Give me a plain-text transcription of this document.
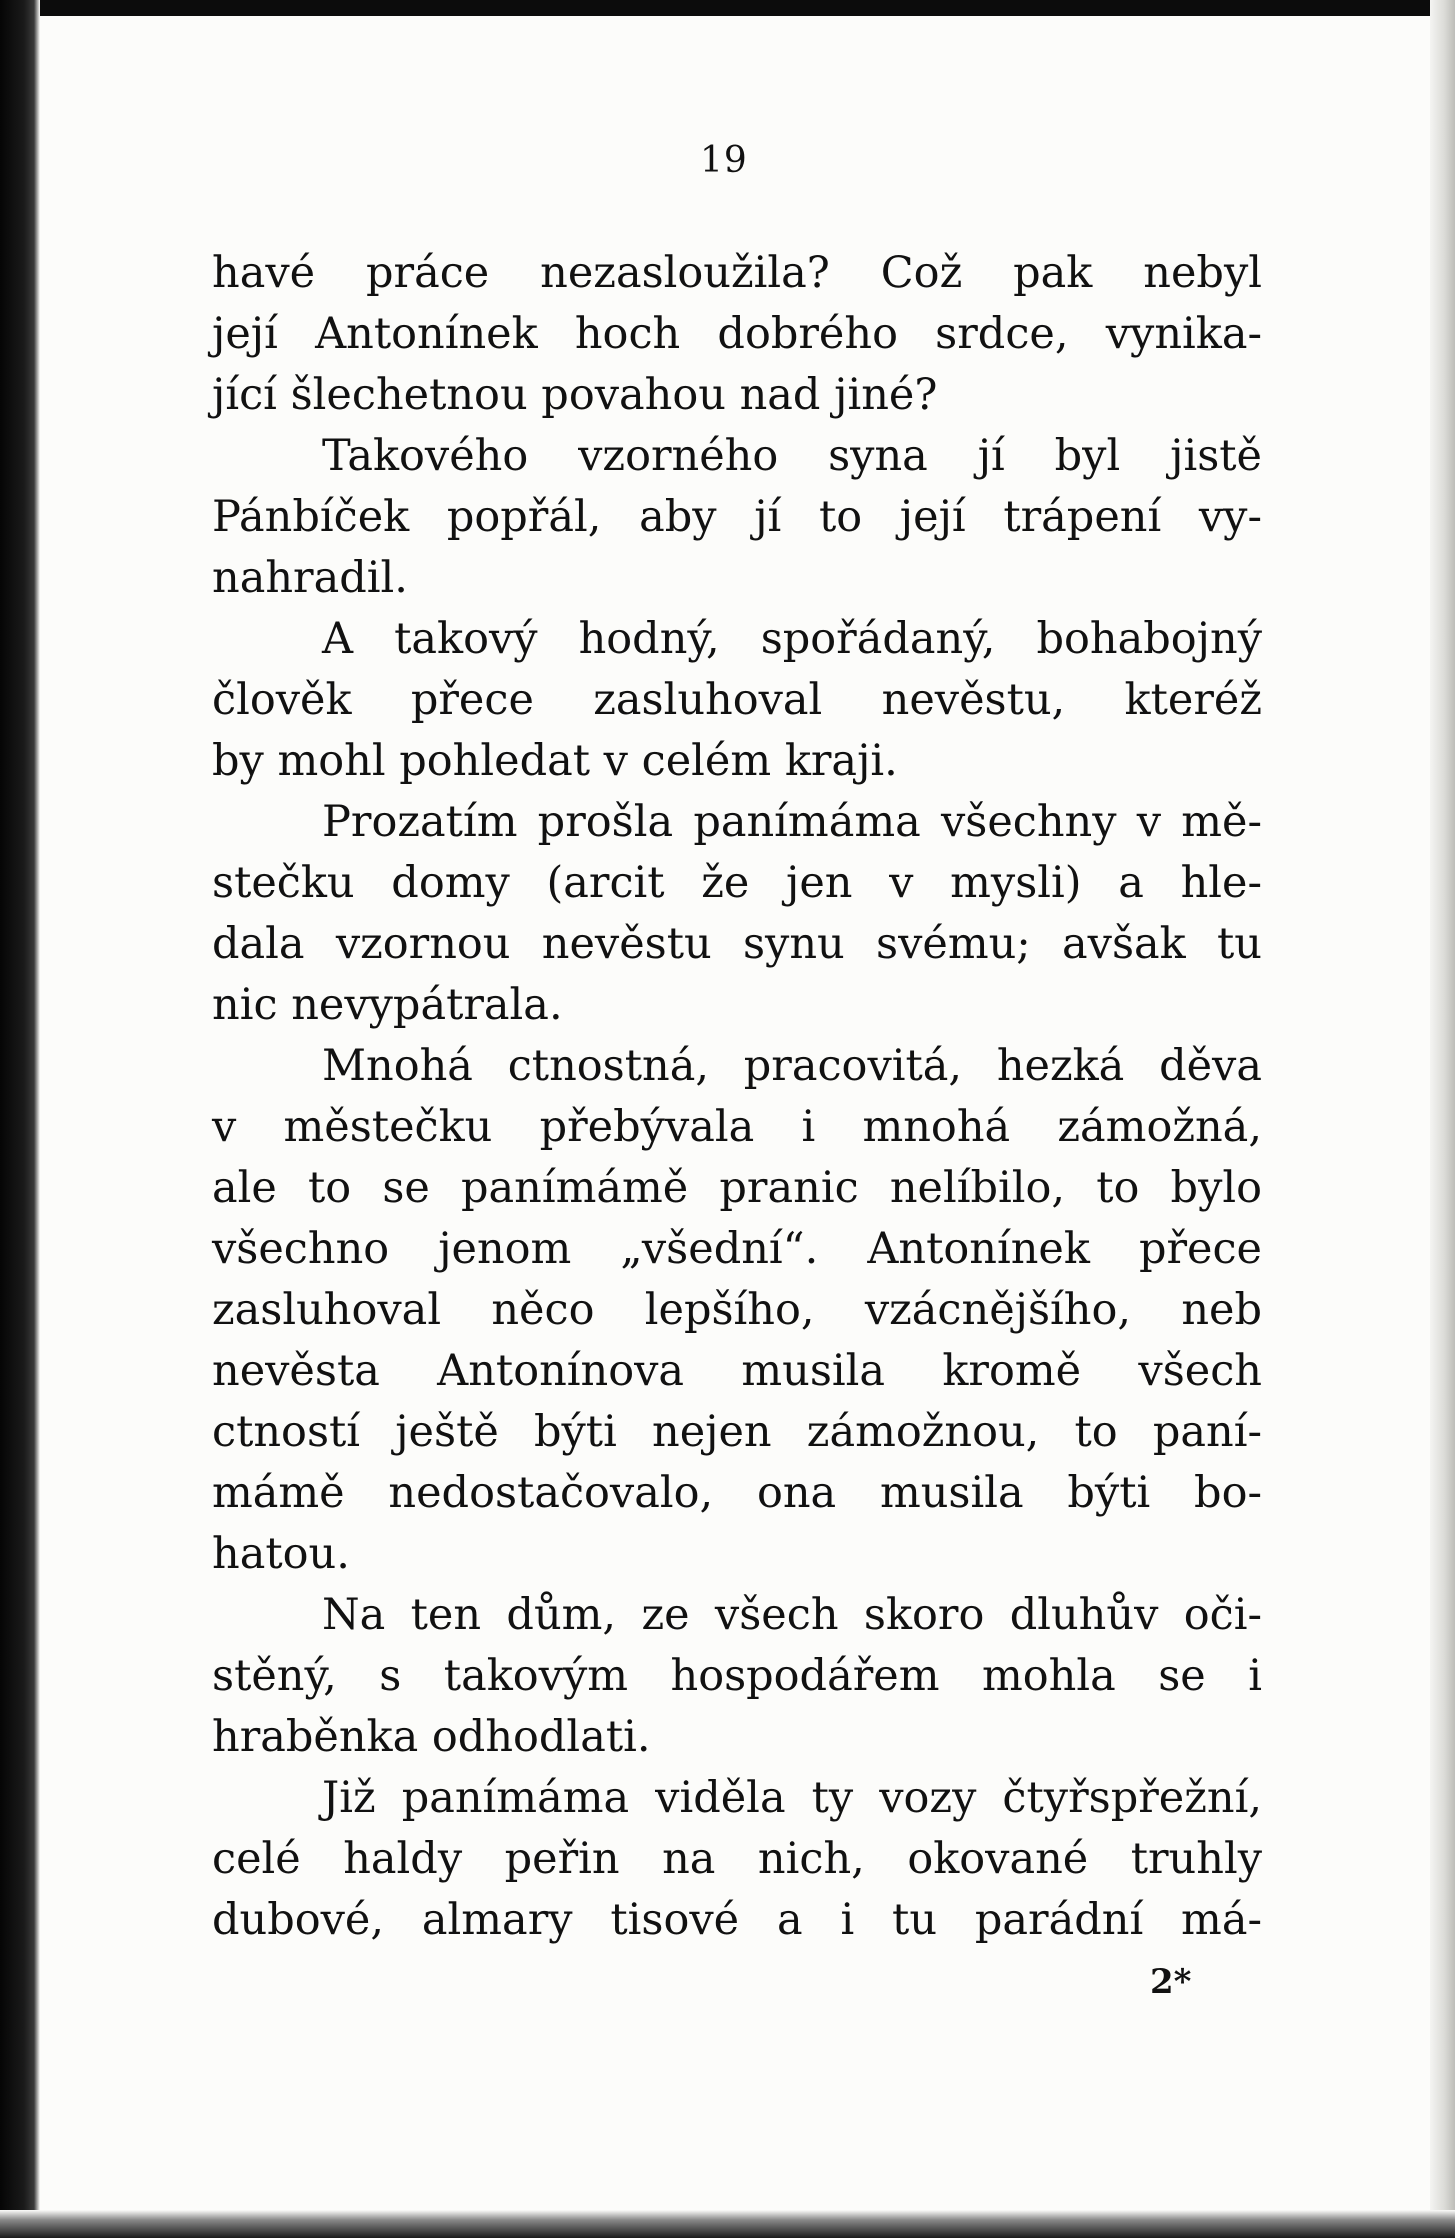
19
havé práce nezasloužila? Což pak nebyl
její Antonínek hoch dobrého srdce, vynika-
jící šlechetnou povahou nad jiné?
Takového vzorného syna jí byl jistě
Pánbíček popřál, aby jí to její trápení vy-
nahradil.
A takový hodný, spořádaný, bohabojný
člověk přece zasluhoval nevěstu, kteréž
by mohl pohledat v celém kraji.
Prozatím prošla panímáma všechny v mě-
stečku domy (arcit že jen v mysli) a hle-
dala vzornou nevěstu synu svému; avšak tu
nic nevypátrala.
Mnohá ctnostná, pracovitá, hezká děva
v městečku přebývala i mnohá zámožná,
ale to se panímámě pranic nelíbilo, to bylo
všechno jenom „všední“. Antonínek přece
zasluhoval něco lepšího, vzácnějšího, neb
nevěsta Antonínova musila kromě všech
ctností ještě býti nejen zámožnou, to paní-
mámě nedostačovalo, ona musila býti bo-
hatou.
Na ten dům, ze všech skoro dluhův oči-
stěný, s takovým hospodářem mohla se i
hraběnka odhodlati.
Již panímáma viděla ty vozy čtyřspřežní,
celé haldy peřin na nich, okované truhly
dubové, almary tisové a i tu parádní má-
2*
